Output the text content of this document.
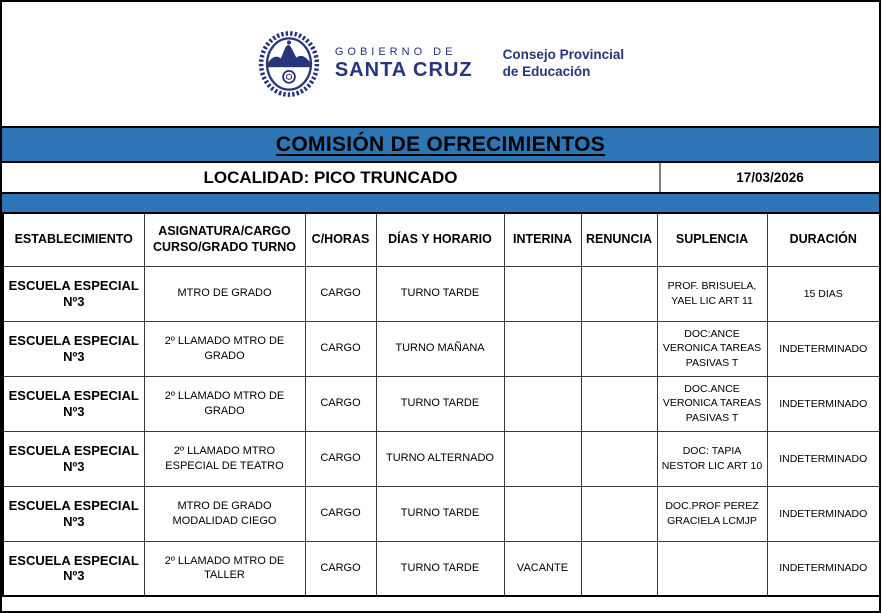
GOBIERNO DE
SANTA CRUZ
Consejo Provincial
de Educación
COMISIÓN DE OFRECIMIENTOS
LOCALIDAD: PICO TRUNCADO	17/03/2026
ESTABLECIMIENTO	ASIGNATURA/CARGO CURSO/GRADO TURNO	C/HORAS	DÍAS Y HORARIO	INTERINA	RENUNCIA	SUPLENCIA	DURACIÓN
ESCUELA ESPECIAL Nº3	MTRO DE GRADO	CARGO	TURNO TARDE			PROF. BRISUELA, YAEL LIC ART 11	15 DIAS
ESCUELA ESPECIAL Nº3	2º LLAMADO MTRO DE GRADO	CARGO	TURNO MAÑANA			DOC:ANCE VERONICA TAREAS PASIVAS T	INDETERMINADO
ESCUELA ESPECIAL Nº3	2º LLAMADO MTRO DE GRADO	CARGO	TURNO TARDE			DOC.ANCE VERONICA TAREAS PASIVAS T	INDETERMINADO
ESCUELA ESPECIAL Nº3	2º LLAMADO MTRO ESPECIAL DE TEATRO	CARGO	TURNO ALTERNADO			DOC: TAPIA NESTOR LIC ART 10	INDETERMINADO
ESCUELA ESPECIAL Nº3	MTRO DE GRADO MODALIDAD CIEGO	CARGO	TURNO TARDE			DOC.PROF PEREZ GRACIELA LCMJP	INDETERMINADO
ESCUELA ESPECIAL Nº3	2º LLAMADO MTRO DE TALLER	CARGO	TURNO TARDE	VACANTE			INDETERMINADO
